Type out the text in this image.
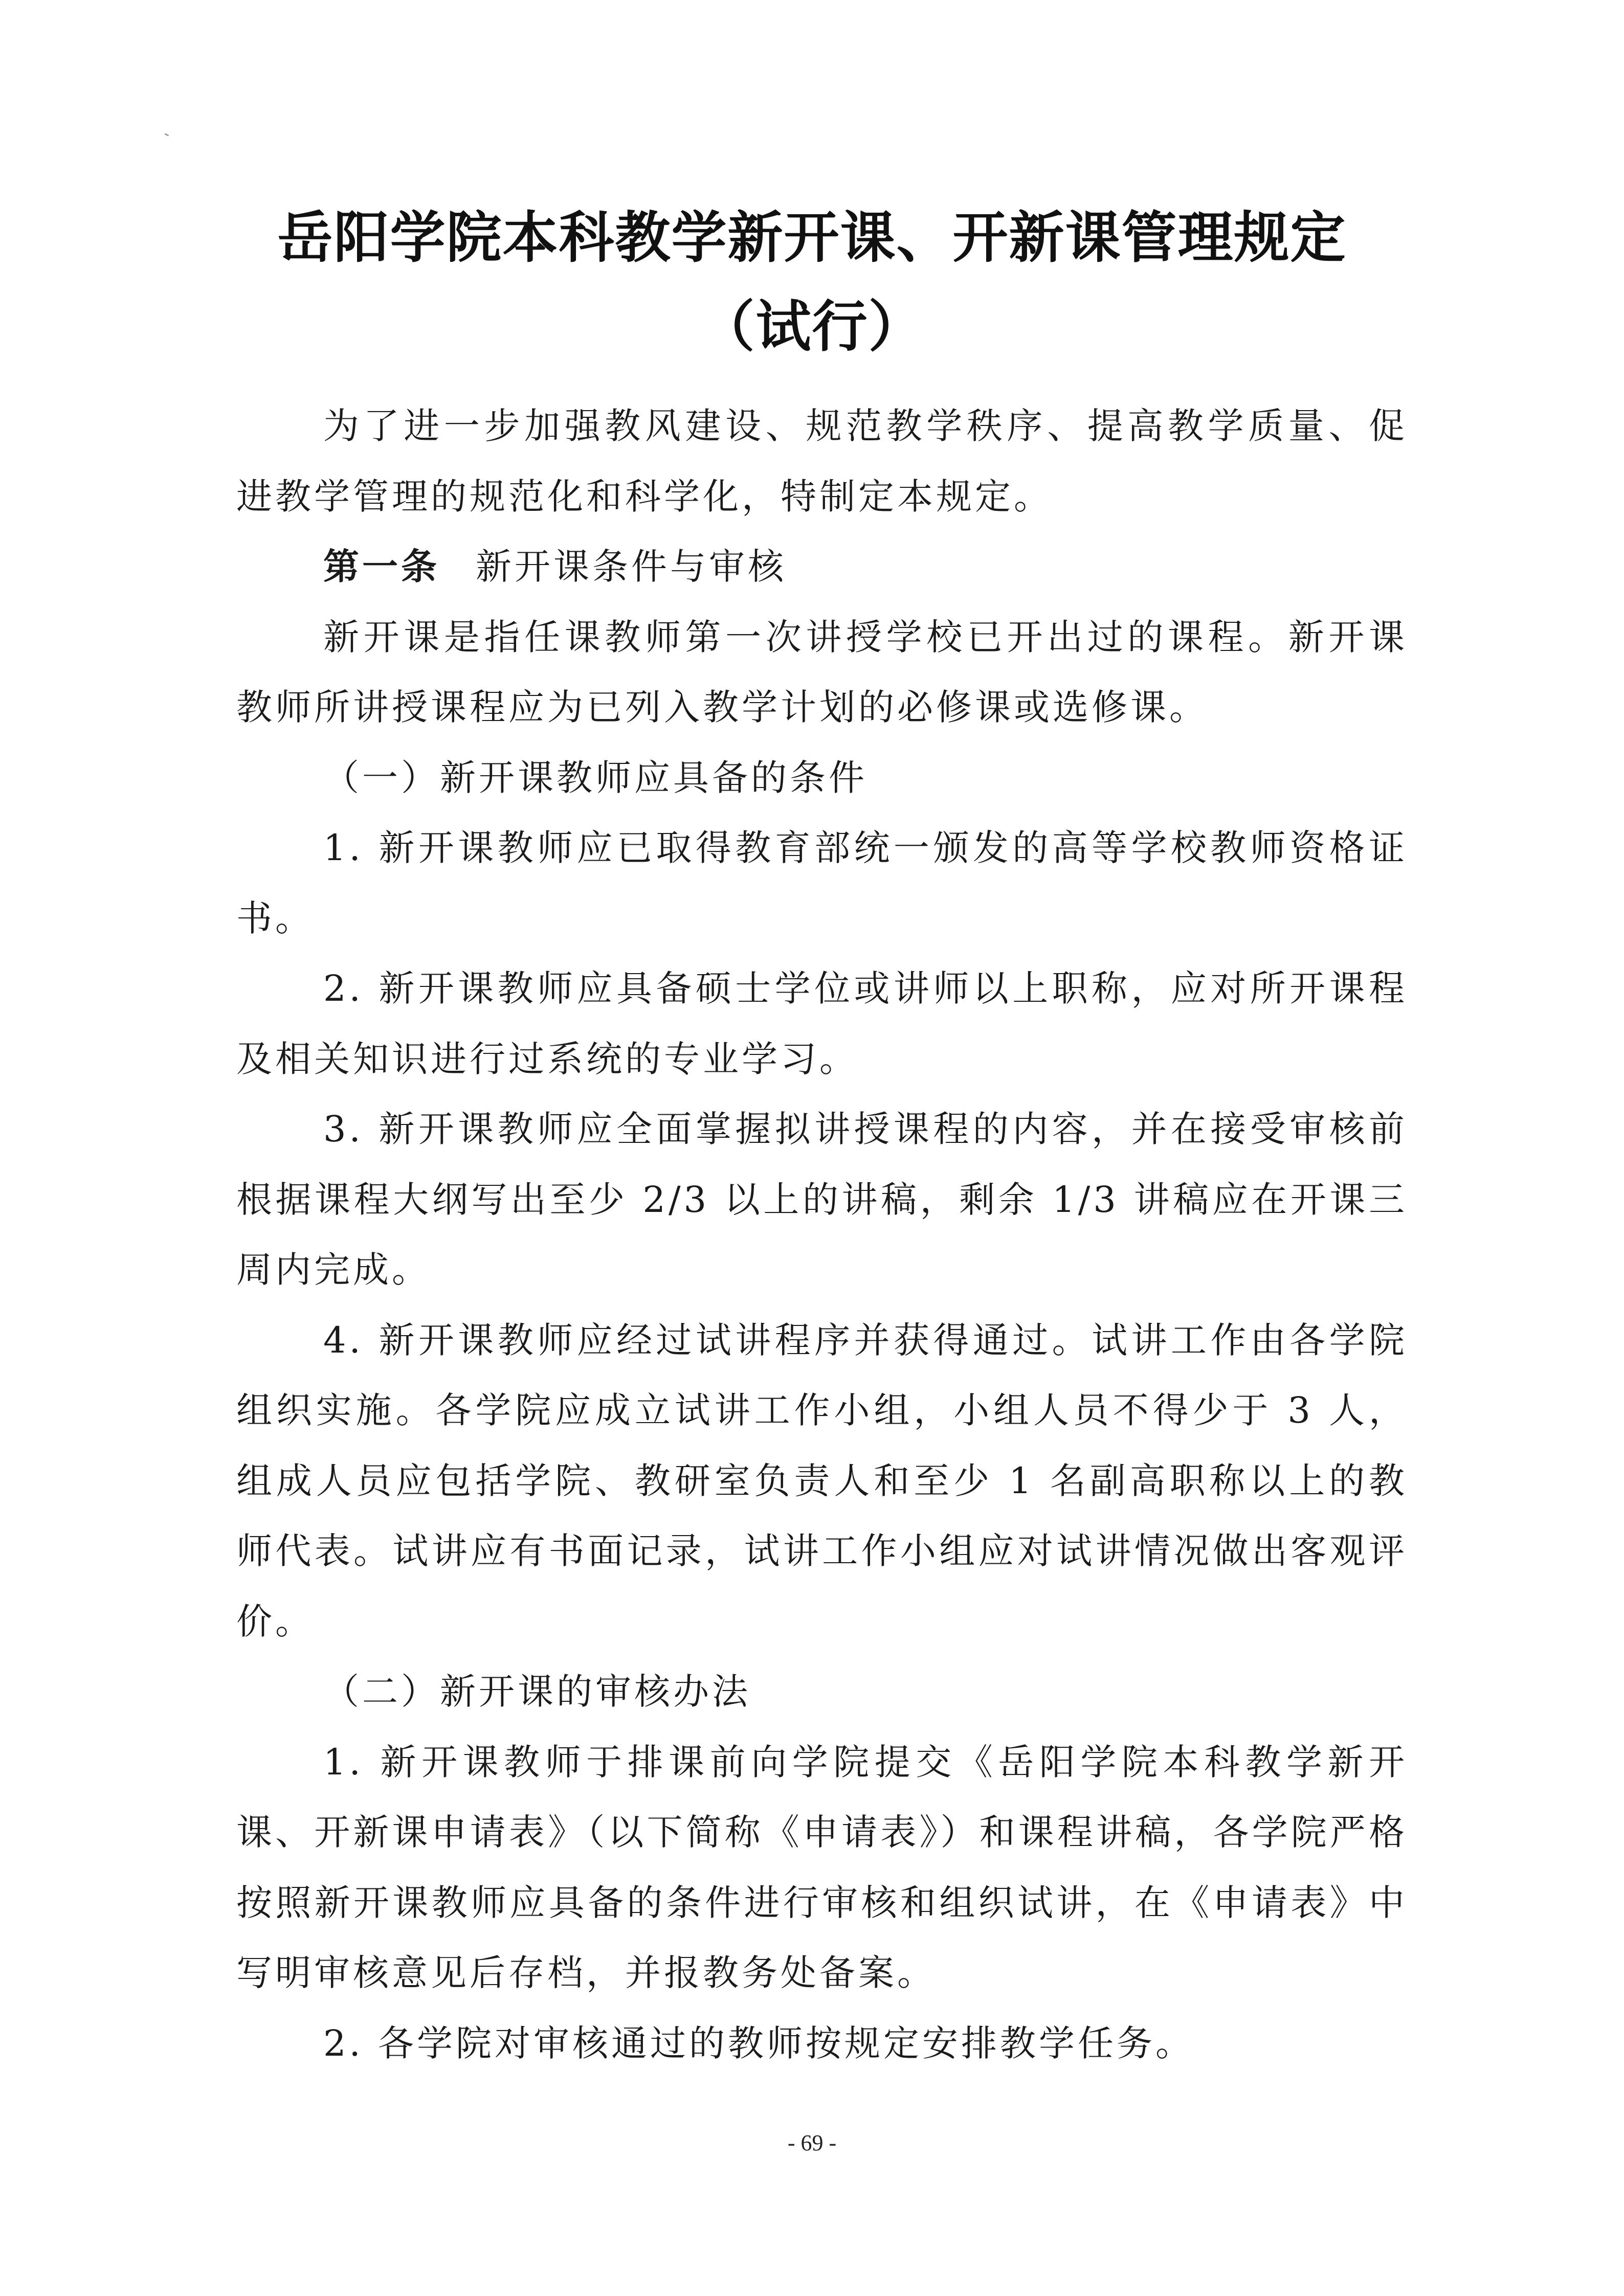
岳阳学院本科教学新开课、开新课管理规定
（试行）

为了进一步加强教风建设、规范教学秩序、提高教学质量、促进教学管理的规范化和科学化，特制定本规定。

第一条 新开课条件与审核

新开课是指任课教师第一次讲授学校已开出过的课程。新开课教师所讲授课程应为已列入教学计划的必修课或选修课。

（一）新开课教师应具备的条件

1. 新开课教师应已取得教育部统一颁发的高等学校教师资格证书。

2. 新开课教师应具备硕士学位或讲师以上职称，应对所开课程及相关知识进行过系统的专业学习。

3. 新开课教师应全面掌握拟讲授课程的内容，并在接受审核前根据课程大纲写出至少 2/3 以上的讲稿，剩余 1/3 讲稿应在开课三周内完成。

4. 新开课教师应经过试讲程序并获得通过。试讲工作由各学院组织实施。各学院应成立试讲工作小组，小组人员不得少于 3 人，组成人员应包括学院、教研室负责人和至少 1 名副高职称以上的教师代表。试讲应有书面记录，试讲工作小组应对试讲情况做出客观评价。

（二）新开课的审核办法

1. 新开课教师于排课前向学院提交《岳阳学院本科教学新开课、开新课申请表》（以下简称《申请表》）和课程讲稿，各学院严格按照新开课教师应具备的条件进行审核和组织试讲，在《申请表》中写明审核意见后存档，并报教务处备案。

2. 各学院对审核通过的教师按规定安排教学任务。

- 69 -
